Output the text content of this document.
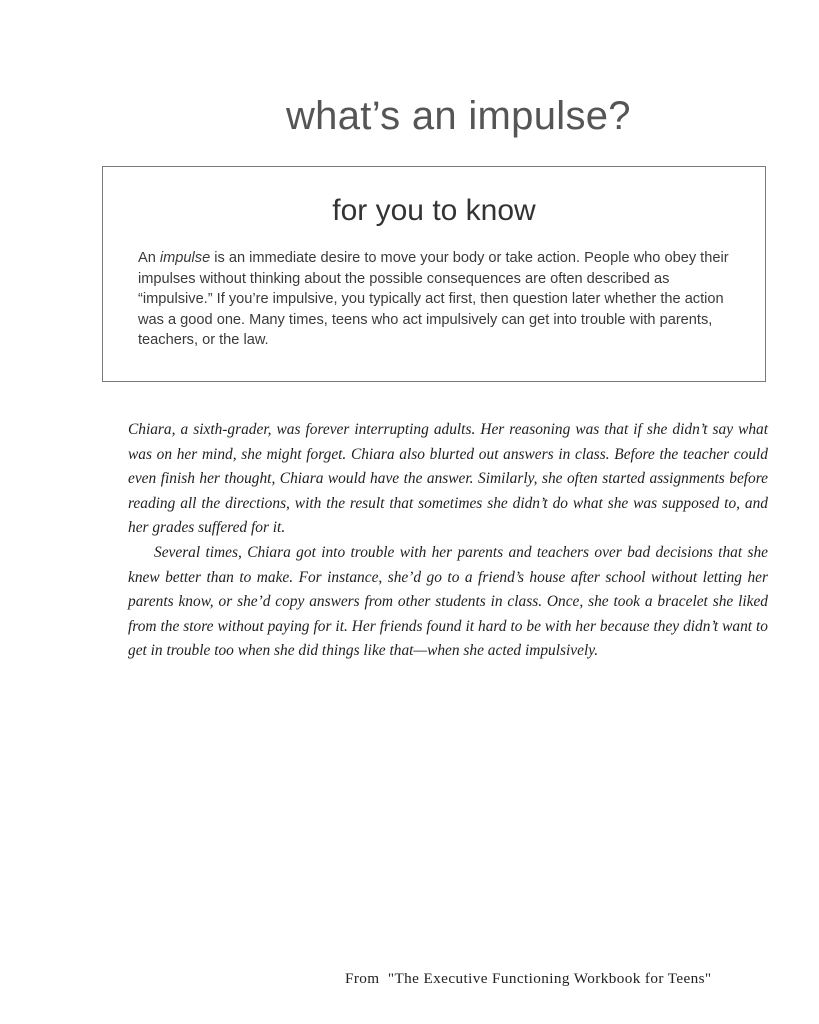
what’s an impulse?
for you to know

An impulse is an immediate desire to move your body or take action. People who obey their impulses without thinking about the possible consequences are often described as “impulsive.” If you’re impulsive, you typically act first, then question later whether the action was a good one. Many times, teens who act impulsively can get into trouble with parents, teachers, or the law.

Chiara, a sixth-grader, was forever interrupting adults. Her reasoning was that if she didn’t say what was on her mind, she might forget. Chiara also blurted out answers in class. Before the teacher could even finish her thought, Chiara would have the answer. Similarly, she often started assignments before reading all the directions, with the result that sometimes she didn’t do what she was supposed to, and her grades suffered for it.

Several times, Chiara got into trouble with her parents and teachers over bad decisions that she knew better than to make. For instance, she’d go to a friend’s house after school without letting her parents know, or she’d copy answers from other students in class. Once, she took a bracelet she liked from the store without paying for it. Her friends found it hard to be with her because they didn’t want to get in trouble too when she did things like that—when she acted impulsively.

From  "The Executive Functioning Workbook for Teens"
